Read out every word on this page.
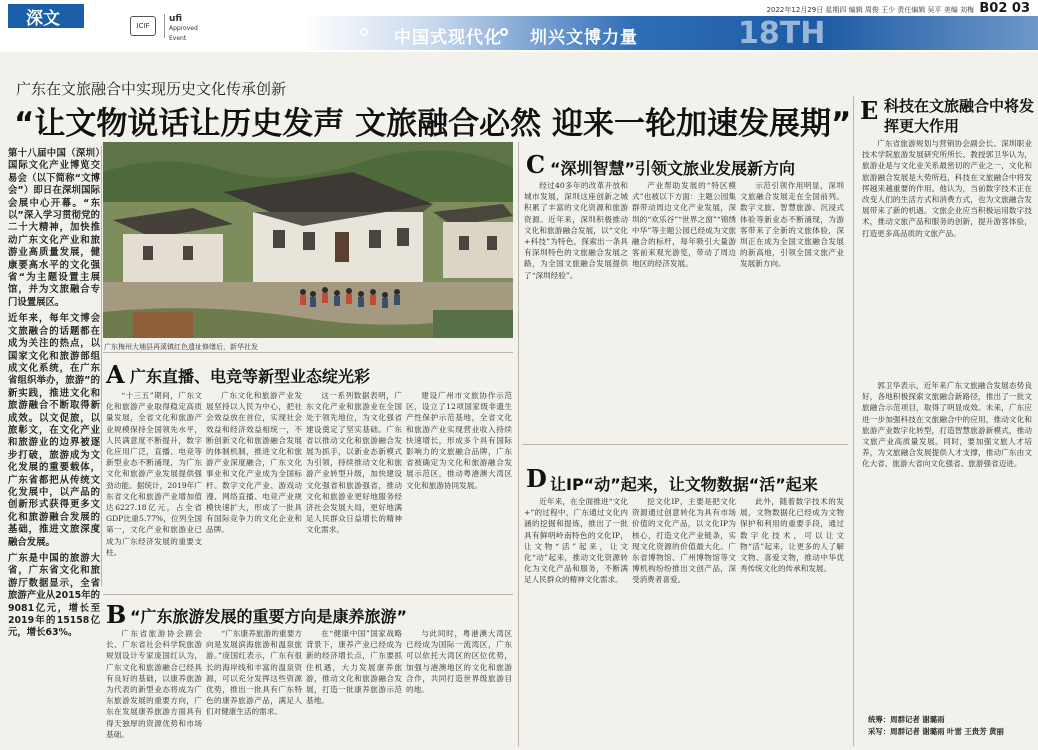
深文	ICIF
ufi
Approved Event
2022年12月29日 星期四 编辑 周俊 王少 责任编辑 吴平 美编 刘梅 B02 03
中国式现代化 圳兴文博力量	18TH
广东在文旅融合中实现历史文化传承创新
“让文物说话让历史发声 文旅融合必然 迎来一轮加速发展期”

第十八届中国（深圳）国际文化产业博览交易会（以下简称“文博会”）即日在深圳国际会展中心开幕。“东以”深入学习贯彻党的二十大精神，加快推动广东文化产业和旅游业高质量发展，健康要高水平的文化强省“为主题设置主展馆，并为文旅融合专门设置展区。

近年来，每年文博会文旅融合的话题都在成为关注的热点，以国家文化和旅游部组成文化系统，在广东省组织举办，旅游”的新实践，推进文化和旅游融合不断取得新成效。以文促旅，以旅彰文，在文化产业和旅游业的边界被逐步打破，旅游成为文化发展的重要载体，广东省都把从传统文化发展中，以产品的创新形式获得更多文化和旅游融合发展的基础，推进文旅深度融合发展。

广东是中国的旅游大省，广东省文化和旅游厅数据显示，全省旅游产业从2015年的9081亿元，增长至2019年的15158亿元，增长63%。

广东梅州大埔县再溪镇红色遗址修缮后，新华社发
A 广东直播、电竞等新型业态绽光彩

“十三五”期间，广东文化和旅游产业取得稳定高质量发展，全省文化和旅游产业规模保持全国领先水平，人民满意度不断提升，数字化应用广泛，直播、电竞等新型业态不断涌现，为广东文化和旅游产业发展提供强劲动能。据统计，2019年广东省文化和旅游产业增加值达6227.18亿元，占全省GDP比重5.77%，位列全国第一，文化产业和旅游业已成为广东经济发展的重要支柱。

广东文化和旅游产业发展坚持以人民为中心，把社会效益放在首位，实现社会效益和经济效益相统一，不断创新文化和旅游融合发展的体制机制，推进文化和旅游产业深度融合，广东文化事业和文化产业成为全国标杆。数字文化产业、游戏动漫、网络直播、电竞产业规模快速扩大，形成了一批具有国际竞争力的文化企业和品牌。

这一系列数据表明，广东文化产业和旅游业在全国处于领先地位，为文化强省建设奠定了坚实基础。广东省以推动文化和旅游融合发展为抓手，以新业态新模式为引领，持续推动文化和旅游产业转型升级，加快建设文化强省和旅游强省，推动文化和旅游业更好地服务经济社会发展大局，更好地满足人民群众日益增长的精神文化需求。

建设广州市文旅协作示范区，设立了12项国家级非遗生产性保护示范基地，全省文化和旅游产业实现营业收入持续快速增长，形成多个具有国际影响力的文旅融合品牌，广东省被确定为文化和旅游融合发展示范区，推动粤港澳大湾区文化和旅游协同发展。

B “广东旅游发展的重要方向是康养旅游”

广东省旅游协会副会长、广东省社会科学院旅游规划设计专家庞国红认为，广东文化和旅游融合已经具有良好的基础，以康养旅游为代表的新型业态将成为广东旅游发展的重要方向，广东在发展康养旅游方面具有得天独厚的资源优势和市场基础。

“广东康养旅游的重要方向是发展滨海旅游和温泉旅游。”庞国红表示，广东有很长的海岸线和丰富的温泉资源，可以充分发挥这些资源优势，推出一批具有广东特色的康养旅游产品，满足人们对健康生活的需求。

在“健康中国”国家战略背景下，康养产业已经成为新的经济增长点，广东要抓住机遇，大力发展康养旅游，推动文化和旅游融合发展，打造一批康养旅游示范基地。

与此同时，粤港澳大湾区已经成为国际一流湾区，广东可以依托大湾区的区位优势，加强与港澳地区的文化和旅游合作，共同打造世界级旅游目的地。

C “深圳智慧”引领文旅业发展新方向

经过40多年的改革开放和城市发展，深圳这座创新之城积累了丰富的文化资源和旅游资源。近年来，深圳积极推动文化和旅游融合发展，以“文化+科技”为特色，探索出一条具有深圳特色的文旅融合发展之路，为全国文旅融合发展提供了“深圳经验”。

产业帮助发展的“特区模式”也被以下方面：主题公园集群带动周边文化产业发展，深圳的“欢乐谷”“世界之窗”“锦绣中华”等主题公园已经成为文旅融合的标杆，每年吸引大量游客前来观光游览，带动了周边地区的经济发展。

示范引领作用明显，深圳文旅融合发展走在全国前列。数字文旅、智慧旅游、沉浸式体验等新业态不断涌现，为游客带来了全新的文旅体验，深圳正在成为全国文旅融合发展的新高地，引领全国文旅产业发展新方向。

D 让IP“动”起来，让文物数据“活”起来

近年来，在全面推进“文化+”的过程中，广东通过文化内涵的挖掘和提炼，推出了一批具有鲜明岭南特色的文化IP，让文物“活”起来，让文化“动”起来，推动文化资源转化为文化产品和服务，不断满足人民群众的精神文化需求。

挖文化IP，主要是把文化资源通过创意转化为具有市场价值的文化产品，以文化IP为核心，打造文化产业链条，实现文化资源的价值最大化。广东省博物馆、广州博物馆等文博机构纷纷推出文创产品，深受消费者喜爱。

此外，随着数字技术的发展，文物数据化已经成为文物保护和利用的重要手段，通过数字化技术，可以让文物“活”起来，让更多的人了解文物、喜爱文物，推动中华优秀传统文化的传承和发展。

E 科技在文旅融合中将发挥更大作用

广东省旅游规划与营销协会副会长、深圳职业技术学院旅游发展研究所所长、教授郭卫华认为，旅游业是与文化业关系最密切的产业之一，文化和旅游融合发展是大势所趋，科技在文旅融合中将发挥越来越重要的作用。他认为，当前数字技术正在改变人们的生活方式和消费方式，也为文旅融合发展带来了新的机遇。文旅企业应当积极运用数字技术，推动文旅产品和服务的创新，提升游客体验，打造更多高品质的文旅产品。

郭卫华表示，近年来广东文旅融合发展态势良好，各地积极探索文旅融合新路径，推出了一批文旅融合示范项目，取得了明显成效。未来，广东应进一步加强科技在文旅融合中的应用，推动文化和旅游产业数字化转型，打造智慧旅游新模式，推动文旅产业高质量发展。同时，要加强文旅人才培养，为文旅融合发展提供人才支撑，推动广东由文化大省、旅游大省向文化强省、旅游强省迈进。

统筹：周群记者 谢璐雨
采写：周群记者 谢璐雨 叶雷 王贵芳 黄丽
